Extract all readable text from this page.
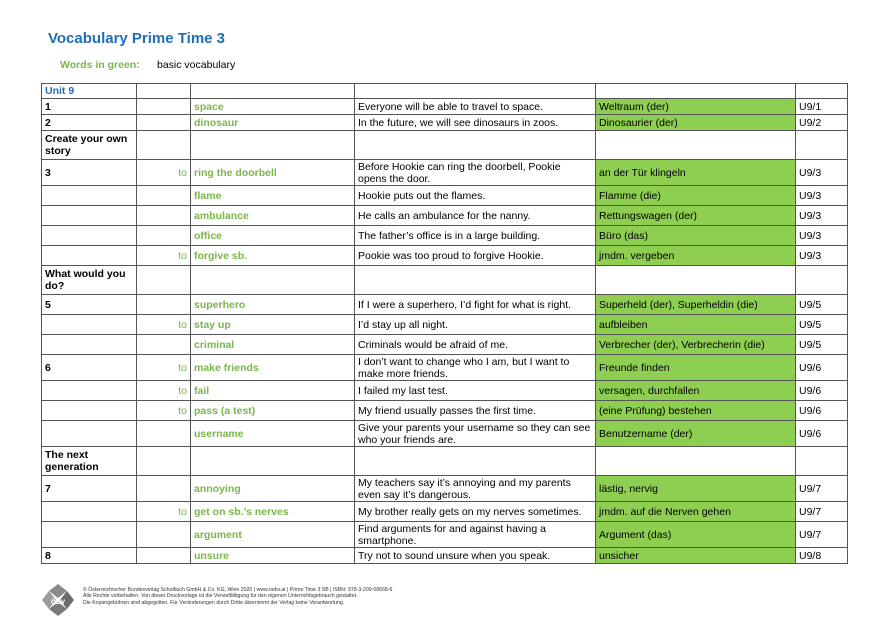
Vocabulary Prime Time 3
Words in green: basic vocabulary
Unit 9					
1		space	Everyone will be able to travel to space.	Weltraum (der)	U9/1
2		dinosaur	In the future, we will see dinosaurs in zoos.	Dinosaurier (der)	U9/2
Create your own story					
3	to	ring the doorbell	Before Hookie can ring the doorbell, Pookie opens the door.	an der Tür klingeln	U9/3
		flame	Hookie puts out the flames.	Flamme (die)	U9/3
		ambulance	He calls an ambulance for the nanny.	Rettungswagen (der)	U9/3
		office	The father’s office is in a large building.	Büro (das)	U9/3
	to	forgive sb.	Pookie was too proud to forgive Hookie.	jmdm. vergeben	U9/3
What would you do?					
5		superhero	If I were a superhero, I’d fight for what is right.	Superheld (der), Superheldin (die)	U9/5
	to	stay up	I’d stay up all night.	aufbleiben	U9/5
		criminal	Criminals would be afraid of me.	Verbrecher (der), Verbrecherin (die)	U9/5
6	to	make friends	I don’t want to change who I am, but I want to make more friends.	Freunde finden	U9/6
	to	fail	I failed my last test.	versagen, durchfallen	U9/6
	to	pass (a test)	My friend usually passes the first time.	(eine Prüfung) bestehen	U9/6
		username	Give your parents your username so they can see who your friends are.	Benutzername (der)	U9/6
The next generation					
7		annoying	My teachers say it’s annoying and my parents even say it’s dangerous.	lästig, nervig	U9/7
	to	get on sb.’s nerves	My brother really gets on my nerves sometimes.	jmdm. auf die Nerven gehen	U9/7
		argument	Find arguments for and against having a smartphone.	Argument (das)	U9/7
8		unsure	Try not to sound unsure when you speak.	unsicher	U9/8
öbv
© Österreichischer Bundesverlag Schulbuch GmbH & Co. KG, Wien 2020 | www.oebv.at | Prime Time 3 SB | ISBN: 978-3-209-08668-6
Alle Rechte vorbehalten. Von dieser Druckvorlage ist die Vervielfältigung für den eigenen Unterrichtsgebrauch gestattet.
Die Kopiergebühren sind abgegolten. Für Veränderungen durch Dritte übernimmt der Verlag keine Verantwortung.
